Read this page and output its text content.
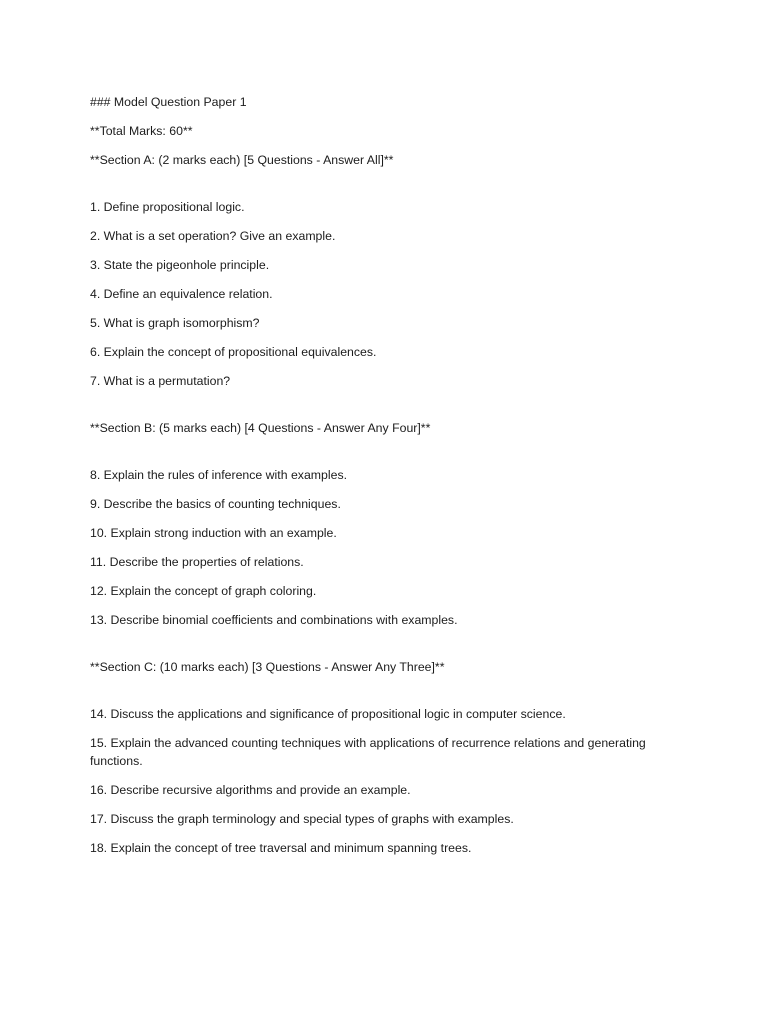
### Model Question Paper 1
**Total Marks: 60**
**Section A: (2 marks each) [5 Questions - Answer All]**
1. Define propositional logic.
2. What is a set operation? Give an example.
3. State the pigeonhole principle.
4. Define an equivalence relation.
5. What is graph isomorphism?
6. Explain the concept of propositional equivalences.
7. What is a permutation?
**Section B: (5 marks each) [4 Questions - Answer Any Four]**
8. Explain the rules of inference with examples.
9. Describe the basics of counting techniques.
10. Explain strong induction with an example.
11. Describe the properties of relations.
12. Explain the concept of graph coloring.
13. Describe binomial coefficients and combinations with examples.
**Section C: (10 marks each) [3 Questions - Answer Any Three]**
14. Discuss the applications and significance of propositional logic in computer science.
15. Explain the advanced counting techniques with applications of recurrence relations and generating functions.
16. Describe recursive algorithms and provide an example.
17. Discuss the graph terminology and special types of graphs with examples.
18. Explain the concept of tree traversal and minimum spanning trees.
